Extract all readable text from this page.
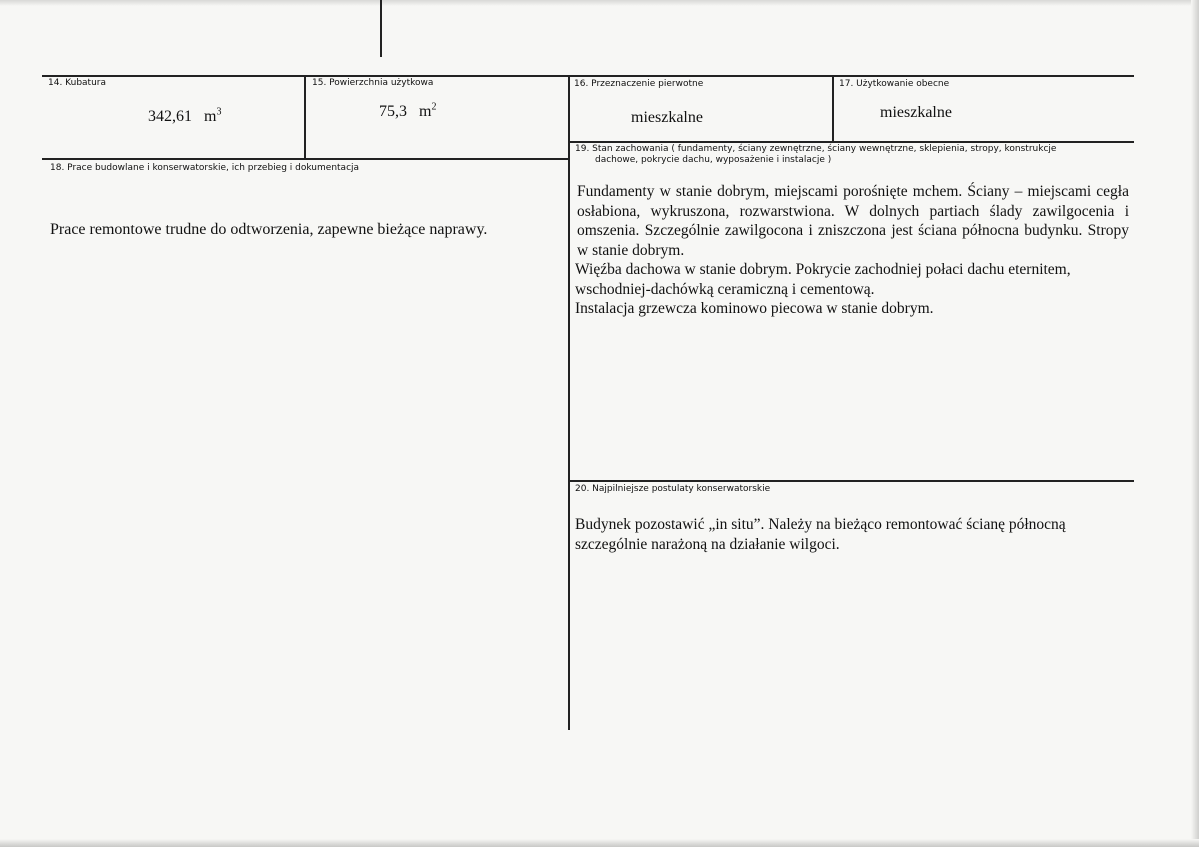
14. Kubatura
342,61 $m^3$
15. Powierzchnia użytkowa
75,3 $m^2$
16. Przeznaczenie pierwotne
mieszkalne
17. Użytkowanie obecne
mieszkalne
18. Prace budowlane i konserwatorskie, ich przebieg i dokumentacja
Prace remontowe trudne do odtworzenia, zapewne bieżące naprawy.
19. Stan zachowania ( fundamenty, ściany zewnętrzne, ściany wewnętrzne, sklepienia, stropy, konstrukcje
dachowe, pokrycie dachu, wyposażenie i instalacje )
Fundamenty w stanie dobrym, miejscami porośnięte mchem. Ściany – miejscami cegła osłabiona, wykruszona, rozwarstwiona. W dolnych partiach ślady zawilgocenia i omszenia. Szczególnie zawilgocona i zniszczona jest ściana północna budynku. Stropy w stanie dobrym.
Więźba dachowa w stanie dobrym. Pokrycie zachodniej połaci dachu eternitem, wschodniej-dachówką ceramiczną i cementową.
Instalacja grzewcza kominowo piecowa w stanie dobrym.
20. Najpilniejsze postulaty konserwatorskie
Budynek pozostawić „in situ”. Należy na bieżąco remontować ścianę północną szczególnie narażoną na działanie wilgoci.
